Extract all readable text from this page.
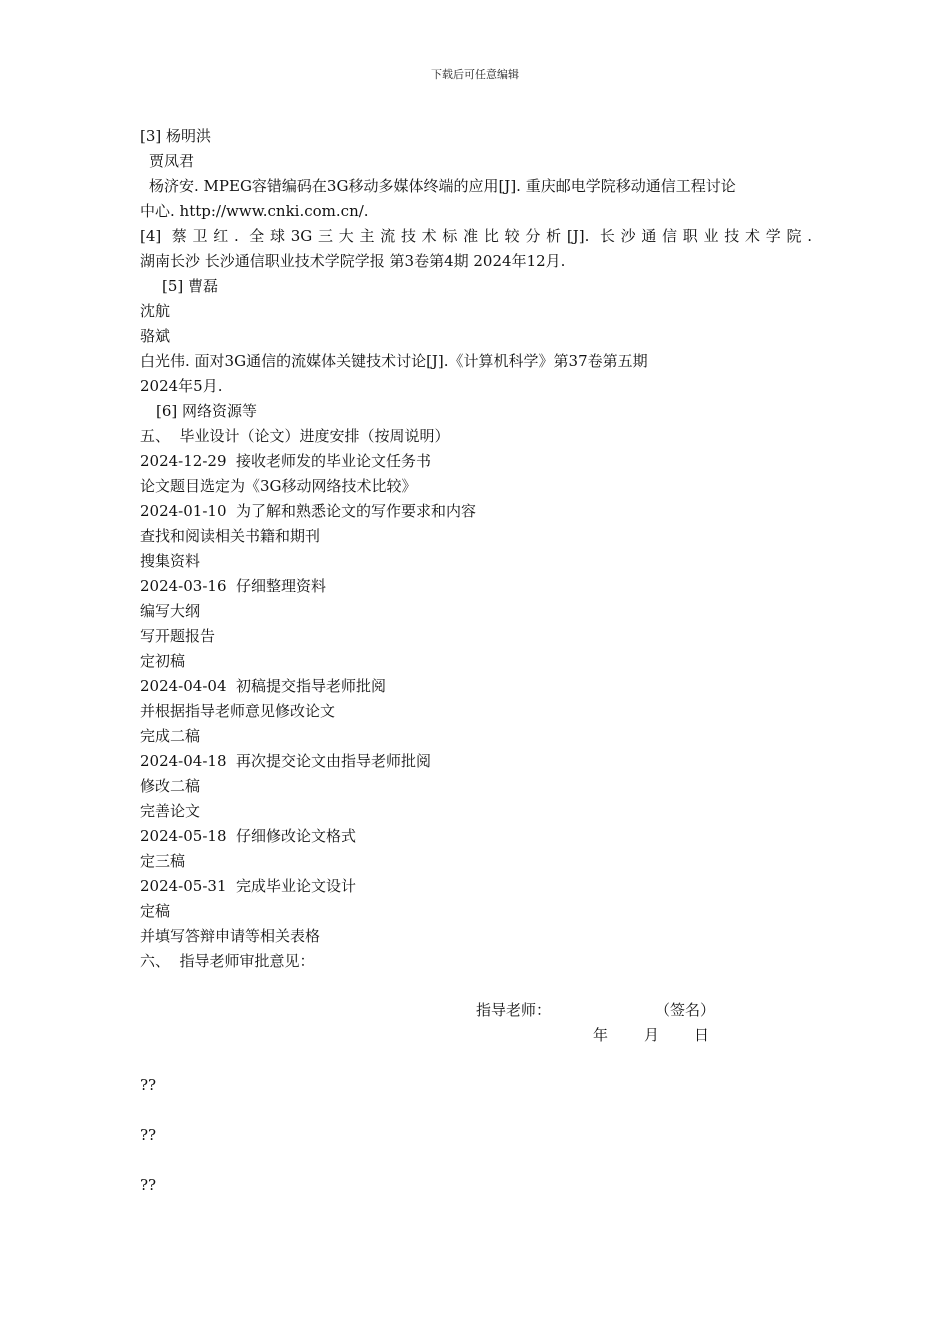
下载后可任意编辑
[3] 杨明洪
贾凤君
杨济安. MPEG容错编码在3G移动多媒体终端的应用[J]. 重庆邮电学院移动通信工程讨论
中心. http://www.cnki.com.cn/.
[4] 蔡卫红. 全球3G三大主流技术标准比较分析[J]. 长沙通信职业技术学院.
湖南长沙 长沙通信职业技术学院学报 第3卷第4期 2024年12月.
[5] 曹磊
沈航
骆斌
白光伟. 面对3G通信的流媒体关键技术讨论[J].《计算机科学》第37卷第五期
2024年5月.
[6] 网络资源等
五、  毕业设计（论文）进度安排（按周说明）
2024-12-29  接收老师发的毕业论文任务书
论文题目选定为《3G移动网络技术比较》
2024-01-10  为了解和熟悉论文的写作要求和内容
查找和阅读相关书籍和期刊
搜集资料
2024-03-16  仔细整理资料
编写大纲
写开题报告
定初稿
2024-04-04  初稿提交指导老师批阅
并根据指导老师意见修改论文
完成二稿
2024-04-18  再次提交论文由指导老师批阅
修改二稿
完善论文
2024-05-18  仔细修改论文格式
定三稿
2024-05-31  完成毕业论文设计
定稿
并填写答辩申请等相关表格
六、  指导老师审批意见：
指导老师：	（签名）
年 月 日
??
??
??
